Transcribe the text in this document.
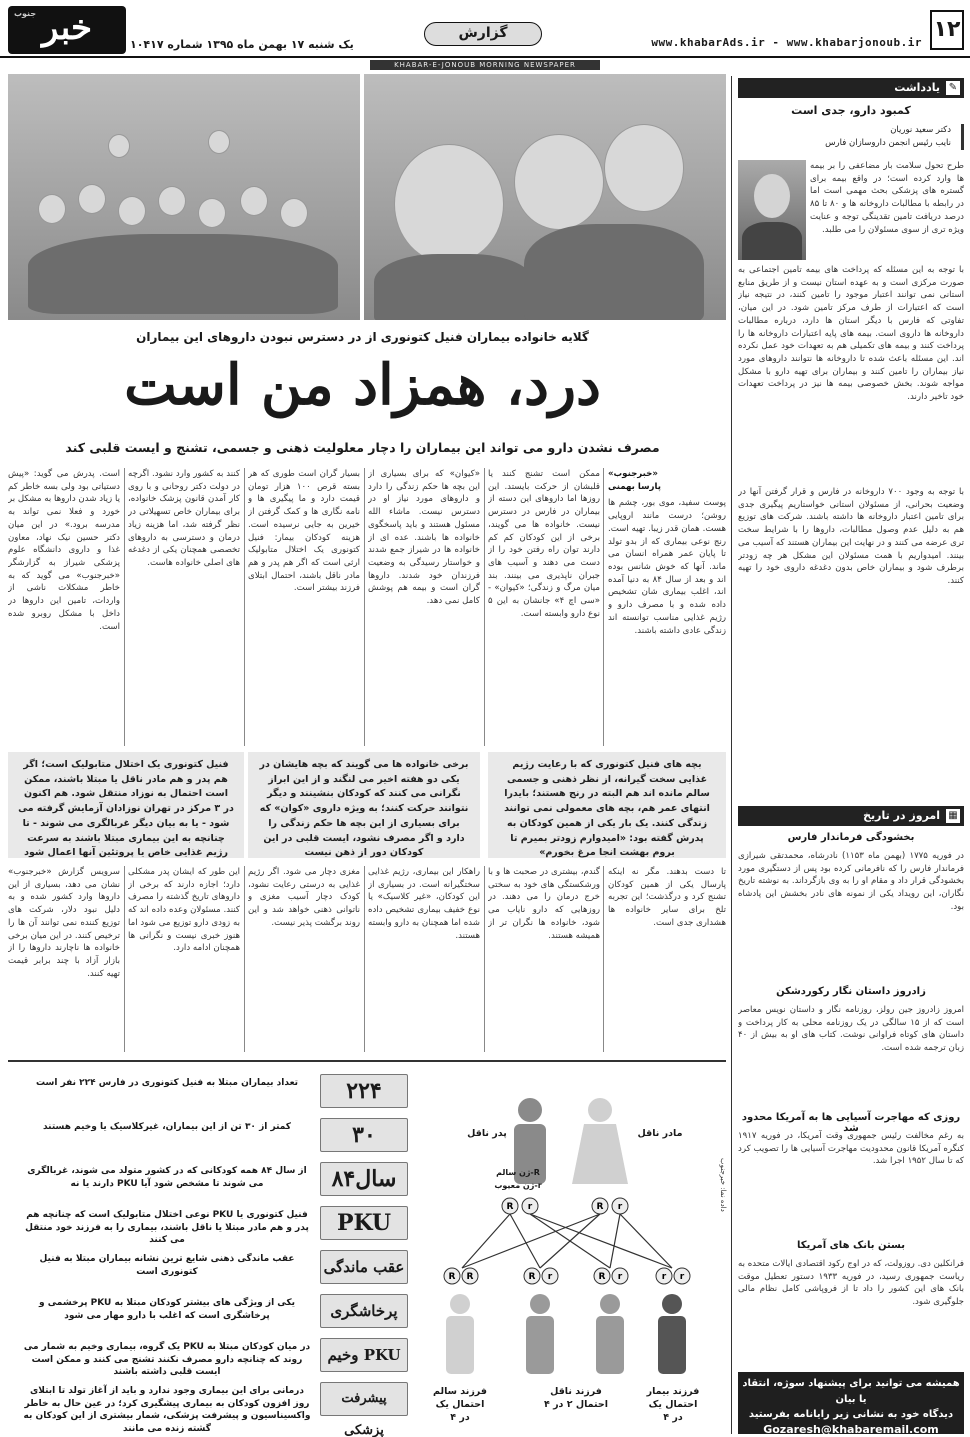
۱۲
www.khabarAds.ir - www.khabarjonoub.ir
گزارش
یک شنبه ۱۷ بهمن ماه ۱۳۹۵ شماره ۱۰۴۱۷
جنوب خبر
KHABAR-E-JONOUB MORNING NEWSPAPER
گلایه خانواده بیماران فنیل کتونوری از در دسترس نبودن داروهای این بیماران
درد، همزاد من است
مصرف نشدن دارو می تواند این بیماران را دچار معلولیت ذهنی و جسمی، تشنج و ایست قلبی کند
«خبرجنوب»
پارسا بهمنی
پوست سفید، موی بور، چشم ها روشن؛ درست مانند اروپایی هست. همان قدر زیبا. تهیه است. رنج نوعی بیماری که از بدو تولد تا پایان عمر همراه انسان می ماند. آنها که خوش شانس بوده اند و بعد از سال ۸۴ به دنیا آمده اند، اغلب بیماری شان تشخیص داده شده و با مصرف دارو و رژیم غذایی مناسب توانسته اند زندگی عادی داشته باشند.
ممکن است تشنج کنند یا قلبشان از حرکت بایستد. این روزها اما داروهای این دسته از بیماران در فارس در دسترس نیست. خانواده ها می گویند، برخی از این کودکان کم کم دارند توان راه رفتن خود را از دست می دهند و آسیب های جبران ناپذیری می بینند. بند میان مرگ و زندگی؛ «کیوان» - «سی اچ ۴» جانشان به این ۵ نوع دارو وابسته است.
«کیوان» که برای بسیاری از این بچه ها حکم زندگی را دارد و داروهای مورد نیاز او در دسترس نیست. ماشاء الله مسئول هستند و باید پاسخگوی خانواده ها باشند. عده ای از خانواده ها در شیراز جمع شدند و خواستار رسیدگی به وضعیت فرزندان خود شدند. داروها گران است و بیمه هم پوشش کامل نمی دهد.
بسیار گران است طوری که هر بسته قرص ۱۰۰ هزار تومان قیمت دارد و ما پیگیری ها و نامه نگاری ها و کمک گرفتن از خیرین به جایی نرسیده است. هزینه کودکان بیمار: فنیل کتونوری یک اختلال متابولیک ارثی است که اگر هم پدر و هم مادر ناقل باشند، احتمال ابتلای فرزند بیشتر است.
کنند به کشور وارد نشود. اگرچه در دولت دکتر روحانی و با روی کار آمدن قانون پزشک خانواده، برای بیماران خاص تسهیلاتی در نظر گرفته شد، اما هزینه زیاد درمان و دسترسی به داروهای تخصصی همچنان یکی از دغدغه های اصلی خانواده هاست.
است. پدرش می گوید: «پیش دستیاتی بود ولی بسه خاطر کم یا زیاد شدن داروها به مشکل بر خورد و فعلا نمی تواند به مدرسه برود.» در این میان دکتر حسین نیک نهاد، معاون غذا و داروی دانشگاه علوم پزشکی شیراز به گزارشگر «خبرجنوب» می گوید که به خاطر مشکلات ناشی از واردات، تامین این داروها در داخل با مشکل روبرو شده است.
بچه های فنیل کتونوری که با رعایت رژیم غذایی سخت گیرانه، از نظر ذهنی و جسمی سالم مانده اند هم البته در رنج هستند؛ بایدرا انتهای عمر هم، بچه های معمولی نمی توانند زندگی کنند. یک بار یکی از همین کودکان به پدرش گفته بود: «امیدوارم زودتر بمیرم تا بروم بهشت انجا مرغ بخورم»
برخی خانواده ها می گویند که بچه هایشان در یکی دو هفته اخیر می لنگند و از این ابراز نگرانی می کنند که کودکان بنشینند و دیگر نتوانند حرکت کنند؛ به ویژه داروی «کوان» که برای بسیاری از این بچه ها حکم زندگی را دارد و اگر مصرف نشود، ایست قلبی در این کودکان دور از ذهن نیست
فنیل کتونوری یک اختلال متابولیک است؛ اگر هم پدر و هم مادر ناقل یا مبتلا باشند، ممکن است احتمال به نوزاد منتقل شود. هم اکنون در ۳ مرکز در تهران نوزادان آزمایش گرفته می شود - یا به بیان دیگر غربالگری می شوند - تا چنانچه به این بیماری مبتلا باشند به سرعت رژیم غذایی خاص یا پروتئین آنها اعمال شود
تا دست بدهند. مگر نه اینکه پارسال یکی از همین کودکان تشنج کرد و درگذشت؛ این تجربه تلخ برای سایر خانواده ها هشداری جدی است.
گندم، بیشتری در صحبت ها و با ورشکستگی های خود به سختی خرج درمان را می دهند. در روزهایی که دارو نایاب می شود، خانواده ها نگران تر از همیشه هستند.
راهکار این بیماری، رژیم غذایی سختگیرانه است. در بسیاری از این کودکان، «غیر کلاسیک» یا نوع خفیف بیماری تشخیص داده شده اما همچنان به دارو وابسته هستند.
مغزی دچار می شود. اگر رژیم غذایی به درستی رعایت نشود، کودک دچار آسیب مغزی و ناتوانی ذهنی خواهد شد و این روند برگشت پذیر نیست.
این طور که ایشان پدر مشکلی دارد؛ اجازه دارند که برخی از داروهای تاریخ گذشته را مصرف کنند. مسئولان وعده داده اند که به زودی دارو توزیع می شود اما هنوز خبری نیست و نگرانی ها همچنان ادامه دارد.
سرویس گزارش «خبرجنوب» نشان می دهد، بسیاری از این داروها وارد کشور شده و به دلیل نبود دلار، شرکت های توزیع کننده نمی توانند آن ها را ترخیص کنند. در این میان برخی خانواده ها ناچارند داروها را از بازار آزاد با چند برابر قیمت تهیه کنند.
۲۲۴
تعداد بیماران مبتلا به فنیل کتونوری در فارس ۲۲۴ نفر است
۳۰
کمتر از ۳۰ تن از این بیماران، غیرکلاسیک یا وخیم هستند
سال۸۴
از سال ۸۴ همه کودکانی که در کشور متولد می شوند، غربالگری می شوند تا مشخص شود آیا PKU دارند یا نه
PKU
فنیل کتونوری یا PKU نوعی اختلال متابولیک است که چنانچه هم پدر و هم مادر مبتلا یا ناقل باشند، بیماری را به فرزند خود منتقل می کنند
عقب ماندگی
عقب ماندگی ذهنی شایع ترین نشانه بیماران مبتلا به فنیل کتونوری است
پرخاشگری
یکی از ویژگی های بیشتر کودکان مبتلا به PKU پرخشمی و پرخاشگری است که اغلب با دارو مهار می شود
PKU وخیم
در میان کودکان مبتلا به PKU یک گروه، بیماری وخیم به شمار می روند که چنانچه دارو مصرف نکنند تشنج می کنند و ممکن است ایست قلبی داشته باشند
پیشرفت پزشکی
درمانی برای این بیماری وجود ندارد و باید از آغاز تولد تا ابتلای روز افزون کودکان به بیماری پیشگیری کرد؛ در عین حال به خاطر واکسیناسیون و پیشرفت پزشکی، شمار بیشتری از این کودکان به گشته زنده می مانند
R r	R r
R R	R r	R r	r r
پدر ناقل	مادر ناقل
R-ژن سالم
r-ژن معیوب
فرزند سالم
احتمال یک در ۴
فرزند ناقل
احتمال ۲ در ۴
فرزند بیمار
احتمال یک در ۴
داده نما: خبرجنوب
✎
یادداشت
کمبود دارو، جدی است
دکتر سعید نوریان
نایب رئیس انجمن داروسازان فارس
طرح تحول سلامت بار مضاعفی را بر بیمه ها وارد کرده است؛ در واقع بیمه برای گستره های پزشکی بحث مهمی است اما در رابطه با مطالبات داروخانه ها و ۸۰ تا ۸۵ درصد دریافت تامین تقدینگی توجه و عنایت ویژه تری از سوی مسئولان را می طلبد.
با توجه به این مسئله که پرداخت های بیمه تامین اجتماعی به صورت مرکزی است و به عهده استان نیست و از طریق منابع استانی نمی توانند اعتبار موجود را تامین کنند، در نتیجه نیاز است که اعتبارات از طرف مرکز تامین شود. در این میان، تفاوتی که فارس با دیگر استان ها دارد، درباره مطالبات داروخانه ها داروی است. بیمه های پایه اعتبارات داروخانه ها را پرداخت کنند و بیمه های تکمیلی هم به تعهدات خود عمل نکرده اند. این مسئله باعث شده تا داروخانه ها نتوانند داروهای مورد نیاز بیماران را تامین کنند و بیماران برای تهیه دارو با مشکل مواجه شوند. بخش خصوصی بیمه ها نیز در پرداخت تعهدات خود تاخیر دارند.
با توجه به وجود ۷۰۰ داروخانه در فارس و قرار گرفتن آنها در وضعیت بحرانی، از مسئولان استانی خواستاریم پیگیری جدی برای تامین اعتبار داروخانه ها داشته باشند. شرکت های توزیع هم به دلیل عدم وصول مطالبات، داروها را با شرایط سخت تری عرضه می کنند و در نهایت این بیماران هستند که آسیب می بینند. امیدواریم با همت مسئولان این مشکل هر چه زودتر برطرف شود و بیماران خاص بدون دغدغه داروی خود را تهیه کنند.
▦
امروز در تاریخ
بخشودگی فرماندار فارس
در فوریه ۱۷۷۵ (بهمن ماه ۱۱۵۳) نادرشاه، محمدتقی شیرازی فرماندار فارس را که نافرمانی کرده بود پس از دستگیری مورد بخشودگی قرار داد و مقام او را به وی بازگرداند. به نوشته تاریخ نگاران، این رویداد یکی از نمونه های نادر بخشش این پادشاه بود.
زادروز داستان نگار رکوردشکن
امروز زادروز جین رولز، روزنامه نگار و داستان نویس معاصر است که از ۱۵ سالگی در یک روزنامه محلی به کار پرداخت و داستان های کوتاه فراوانی نوشت. کتاب های او به بیش از ۴۰ زبان ترجمه شده است.
روزی که مهاجرت آسیایی ها به آمریکا محدود شد
به رغم مخالفت رئیس جمهوری وقت آمریکا، در فوریه ۱۹۱۷ کنگره آمریکا قانون محدودیت مهاجرت آسیایی ها را تصویب کرد که تا سال ۱۹۵۲ اجرا شد.
بستن بانک های آمریکا
فرانکلین دی. روزولت، که در اوج رکود اقتصادی ایالات متحده به ریاست جمهوری رسید، در فوریه ۱۹۳۳ دستور تعطیل موقت بانک های این کشور را داد تا از فروپاشی کامل نظام مالی جلوگیری شود.
همیشه می توانید برای پیشنهاد سوژه، انتقاد یا بیان
دیدگاه خود به نشانی زیر رایانامه بفرستید
Gozaresh@khabaremail.com
